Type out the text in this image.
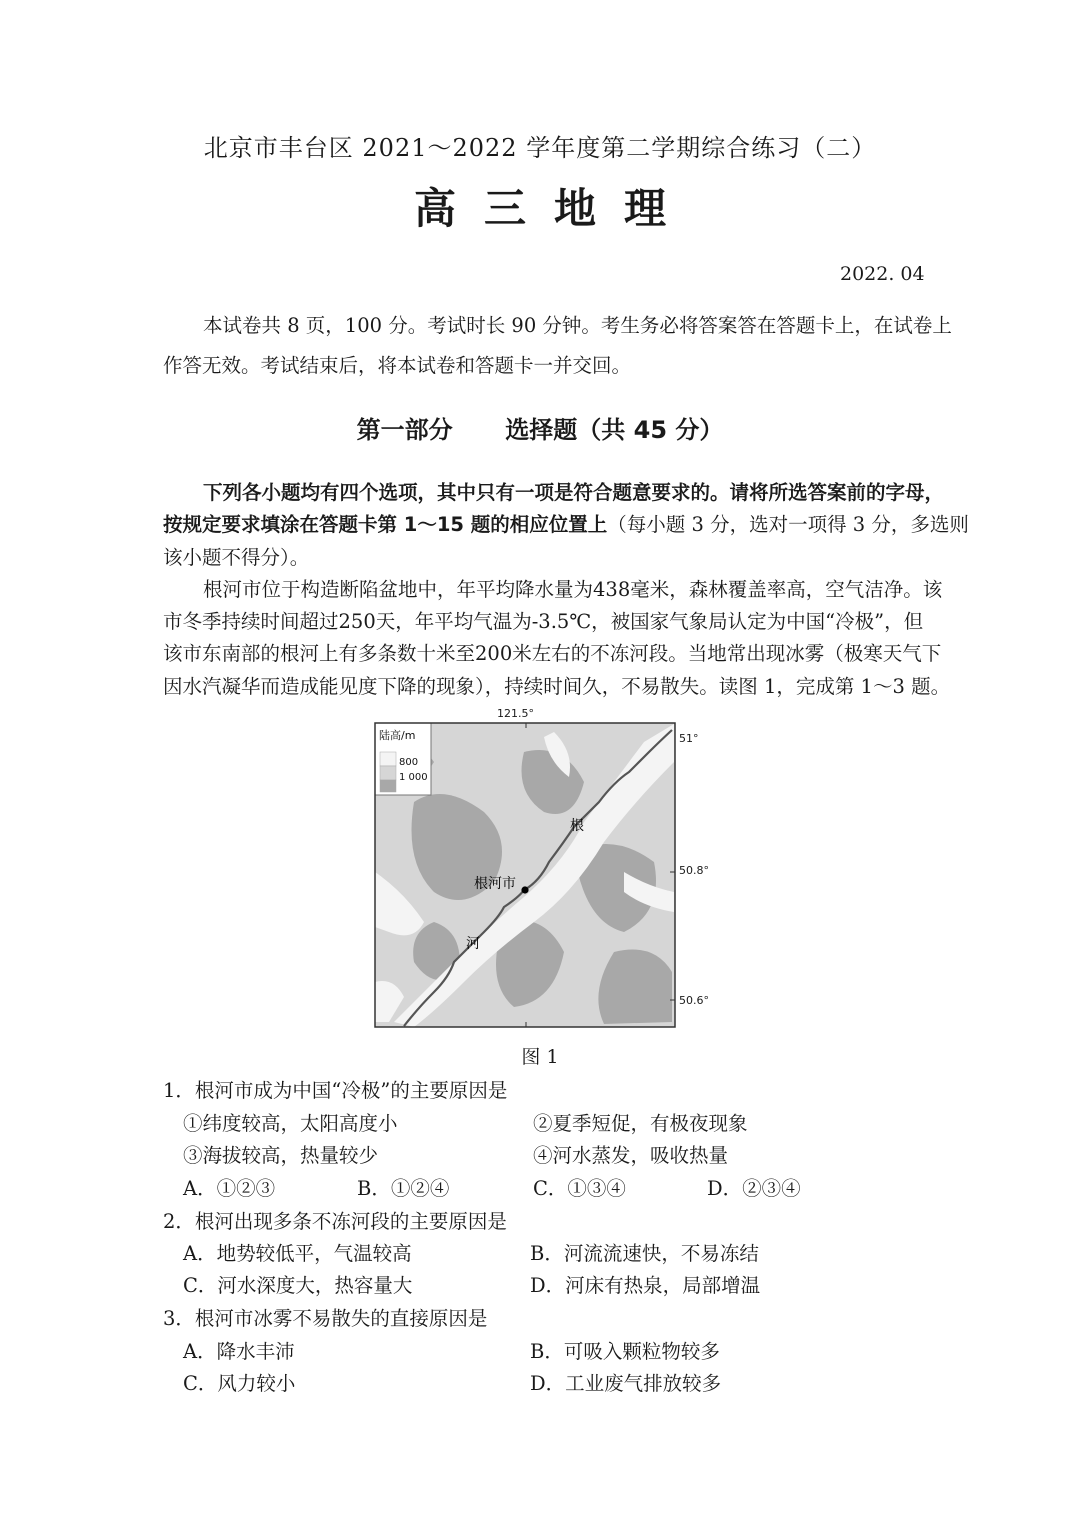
北京市丰台区 2021～2022 学年度第二学期综合练习（二）
高三地理
2022. 04
本试卷共 8 页，100 分。考试时长 90 分钟。考生务必将答案答在答题卡上，在试卷上
作答无效。考试结束后，将本试卷和答题卡一并交回。
第一部分 选择题（共 45 分）
下列各小题均有四个选项，其中只有一项是符合题意要求的。请将所选答案前的字母，
按规定要求填涂在答题卡第 1～15 题的相应位置上（每小题 3 分，选对一项得 3 分，多选则
该小题不得分）。
根河市位于构造断陷盆地中，年平均降水量为438毫米，森林覆盖率高，空气洁净。该
市冬季持续时间超过250天，年平均气温为-3.5℃，被国家气象局认定为中国“冷极”，但
该市东南部的根河上有多条数十米至200米左右的不冻河段。当地常出现冰雾（极寒天气下
因水汽凝华而造成能见度下降的现象），持续时间久，不易散失。读图 1，完成第 1～3 题。
陆高/m
800
1 000
根河市
根
河
121.5°
51°
50.8°
50.6°
图 1
1．根河市成为中国“冷极”的主要原因是
①纬度较高，太阳高度小	②夏季短促，有极夜现象
③海拔较高，热量较少	④河水蒸发，吸收热量
A．①②③	B．①②④	C．①③④	D．②③④
2．根河出现多条不冻河段的主要原因是
A．地势较低平，气温较高	B．河流流速快，不易冻结
C．河水深度大，热容量大	D．河床有热泉，局部增温
3．根河市冰雾不易散失的直接原因是
A．降水丰沛	B．可吸入颗粒物较多
C．风力较小	D．工业废气排放较多
